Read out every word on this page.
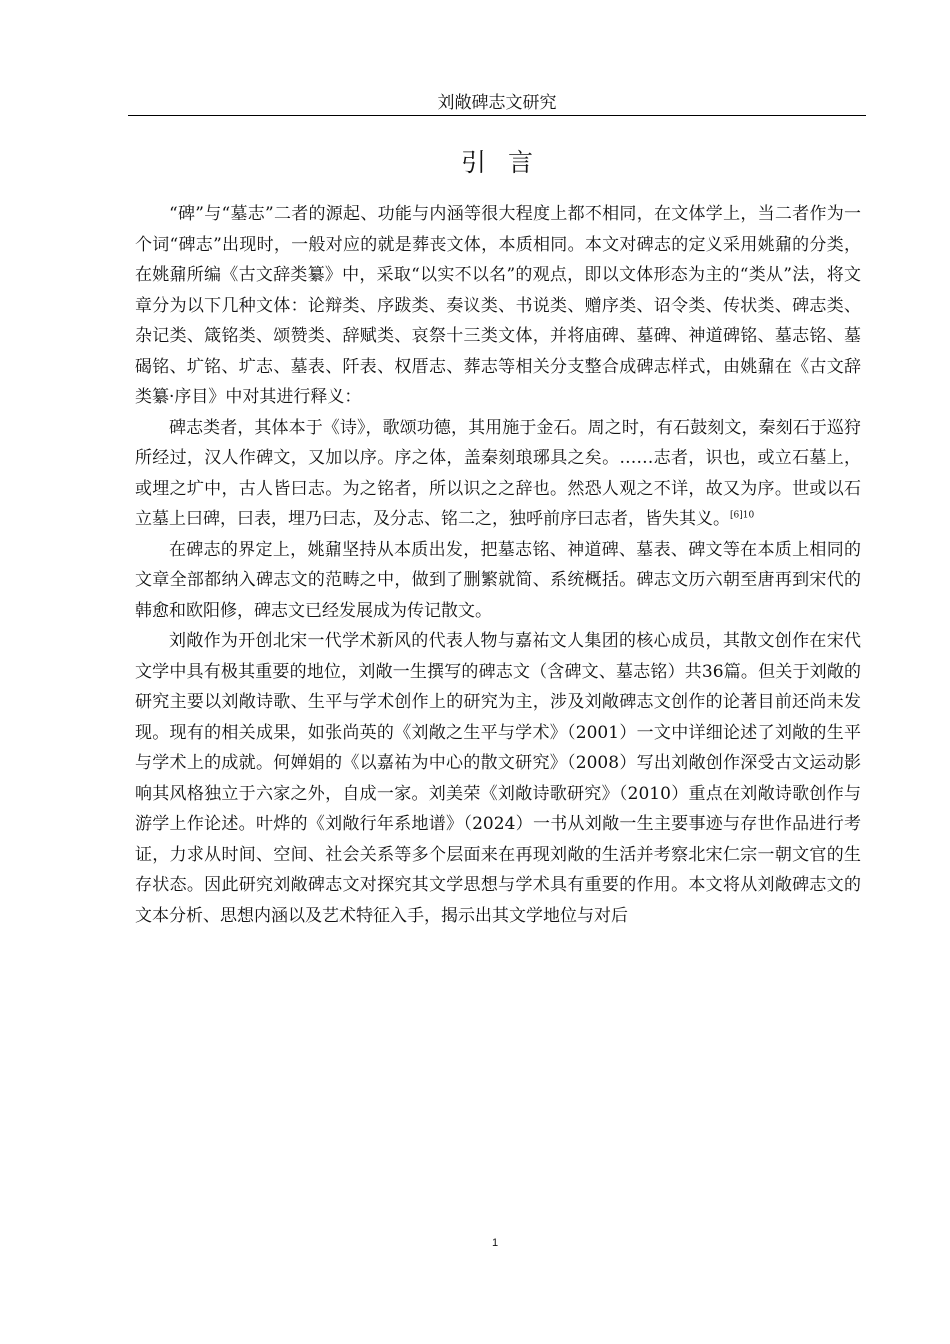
刘敞碑志文研究
引言

“碑”与“墓志”二者的源起、功能与内涵等很大程度上都不相同，在文体学上，当二者作为一个词“碑志”出现时，一般对应的就是葬丧文体，本质相同。本文对碑志的定义采用姚鼐的分类，在姚鼐所编《古文辞类纂》中，采取“以实不以名”的观点，即以文体形态为主的“类从”法，将文章分为以下几种文体：论辩类、序跋类、奏议类、书说类、赠序类、诏令类、传状类、碑志类、杂记类、箴铭类、颂赞类、辞赋类、哀祭十三类文体，并将庙碑、墓碑、神道碑铭、墓志铭、墓碣铭、圹铭、圹志、墓表、阡表、权厝志、葬志等相关分支整合成碑志样式，由姚鼐在《古文辞类纂·序目》中对其进行释义：

碑志类者，其体本于《诗》，歌颂功德，其用施于金石。周之时，有石鼓刻文，秦刻石于巡狩所经过，汉人作碑文，又加以序。序之体，盖秦刻琅琊具之矣。……志者，识也，或立石墓上，或埋之圹中，古人皆曰志。为之铭者，所以识之之辞也。然恐人观之不详，故又为序。世或以石立墓上曰碑，曰表，埋乃曰志，及分志、铭二之，独呼前序曰志者，皆失其义。$^{[6]10}$

在碑志的界定上，姚鼐坚持从本质出发，把墓志铭、神道碑、墓表、碑文等在本质上相同的文章全部都纳入碑志文的范畴之中，做到了删繁就简、系统概括。碑志文历六朝至唐再到宋代的韩愈和欧阳修，碑志文已经发展成为传记散文。

刘敞作为开创北宋一代学术新风的代表人物与嘉祐文人集团的核心成员，其散文创作在宋代文学中具有极其重要的地位，刘敞一生撰写的碑志文（含碑文、墓志铭）共36篇。但关于刘敞的研究主要以刘敞诗歌、生平与学术创作上的研究为主，涉及刘敞碑志文创作的论著目前还尚未发现。现有的相关成果，如张尚英的《刘敞之生平与学术》（2001）一文中详细论述了刘敞的生平与学术上的成就。何婵娟的《以嘉祐为中心的散文研究》（2008）写出刘敞创作深受古文运动影响其风格独立于六家之外，自成一家。刘美荣《刘敞诗歌研究》（2010）重点在刘敞诗歌创作与游学上作论述。叶烨的《刘敞行年系地谱》（2024）一书从刘敞一生主要事迹与存世作品进行考证，力求从时间、空间、社会关系等多个层面来在再现刘敞的生活并考察北宋仁宗一朝文官的生存状态。因此研究刘敞碑志文对探究其文学思想与学术具有重要的作用。本文将从刘敞碑志文的文本分析、思想内涵以及艺术特征入手，揭示出其文学地位与对后

1
